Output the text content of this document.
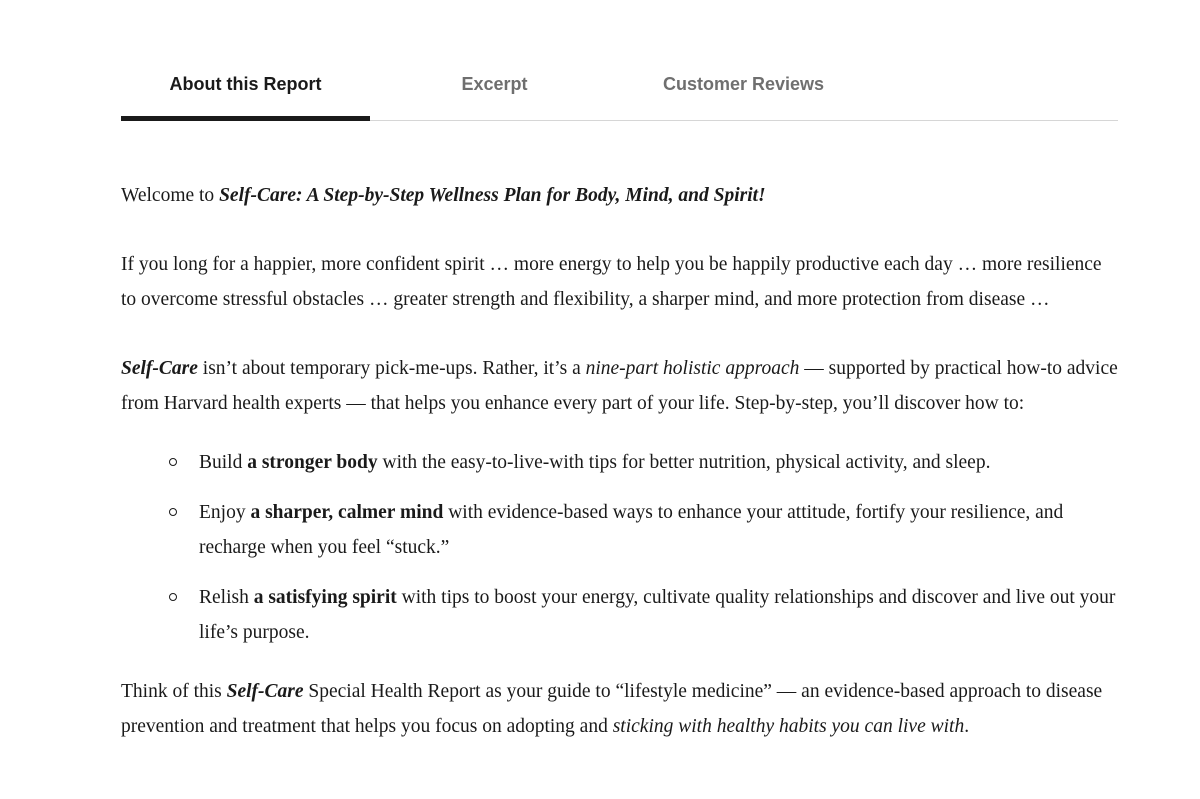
About this Report	Excerpt	Customer Reviews

Welcome to Self-Care: A Step-by-Step Wellness Plan for Body, Mind, and Spirit!

If you long for a happier, more confident spirit … more energy to help you be happily productive each day … more resilience to overcome stressful obstacles … greater strength and flexibility, a sharper mind, and more protection from disease …

Self-Care isn’t about temporary pick-me-ups. Rather, it’s a nine-part holistic approach — supported by practical how-to advice from Harvard health experts — that helps you enhance every part of your life. Step-by-step, you’ll discover how to:

Build a stronger body with the easy-to-live-with tips for better nutrition, physical activity, and sleep.
Enjoy a sharper, calmer mind with evidence-based ways to enhance your attitude, fortify your resilience, and recharge when you feel “stuck.”
Relish a satisfying spirit with tips to boost your energy, cultivate quality relationships and discover and live out your life’s purpose.

Think of this Self-Care Special Health Report as your guide to “lifestyle medicine” — an evidence-based approach to disease prevention and treatment that helps you focus on adopting and sticking with healthy habits you can live with.
